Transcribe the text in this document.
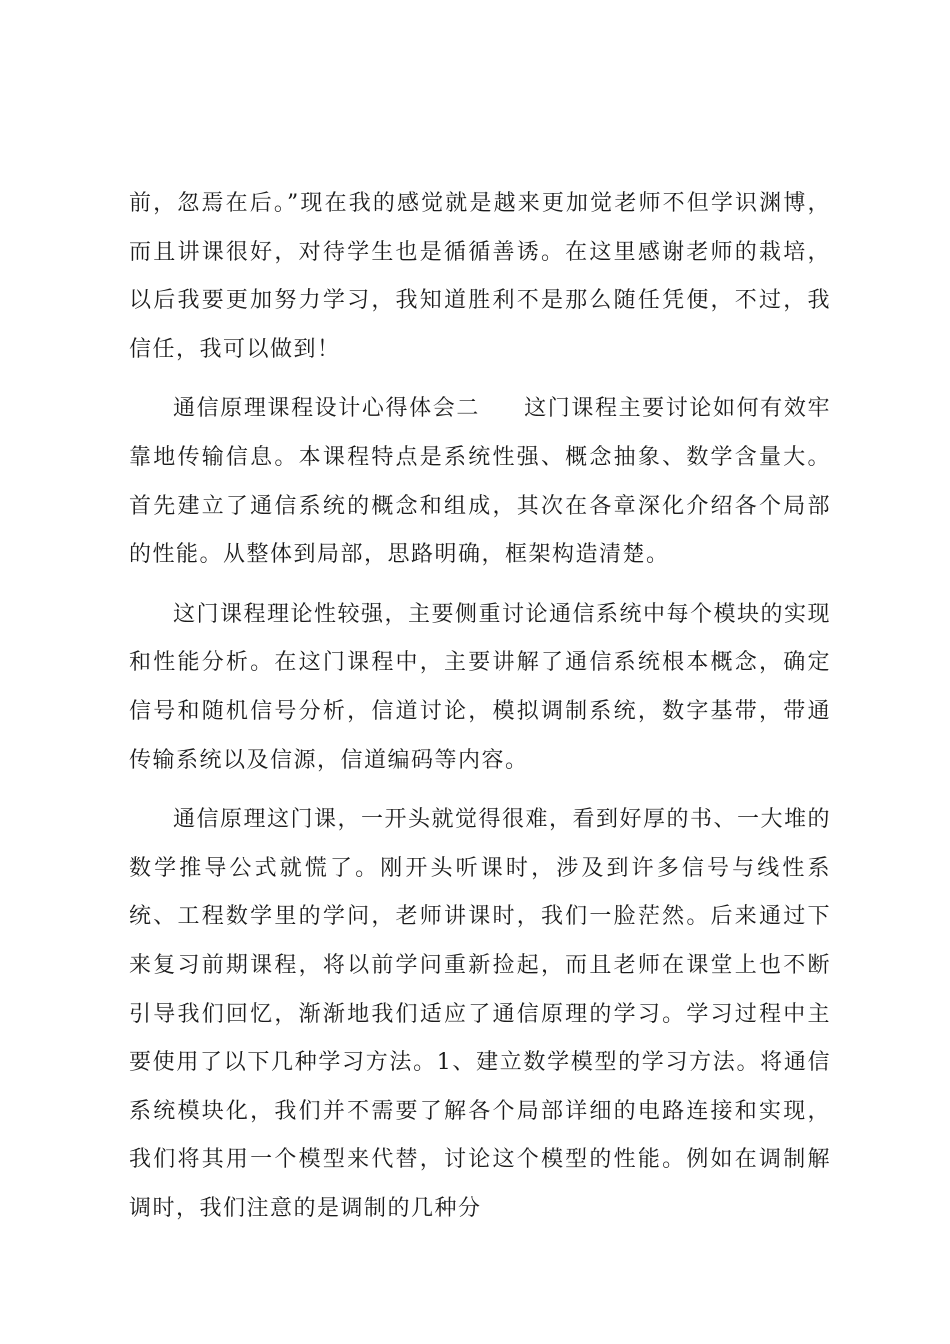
前，忽焉在后。”现在我的感觉就是越来更加觉老师不但学识渊博，而且讲课很好，对待学生也是循循善诱。在这里感谢老师的栽培，以后我要更加努力学习，我知道胜利不是那么随任凭便，不过，我信任，我可以做到！

通信原理课程设计心得体会二 这门课程主要讨论如何有效牢靠地传输信息。本课程特点是系统性强、概念抽象、数学含量大。首先建立了通信系统的概念和组成，其次在各章深化介绍各个局部的性能。从整体到局部，思路明确，框架构造清楚。

这门课程理论性较强，主要侧重讨论通信系统中每个模块的实现和性能分析。在这门课程中，主要讲解了通信系统根本概念，确定信号和随机信号分析，信道讨论，模拟调制系统，数字基带，带通传输系统以及信源，信道编码等内容。

通信原理这门课，一开头就觉得很难，看到好厚的书、一大堆的数学推导公式就慌了。刚开头听课时，涉及到许多信号与线性系统、工程数学里的学问，老师讲课时，我们一脸茫然。后来通过下来复习前期课程，将以前学问重新捡起，而且老师在课堂上也不断引导我们回忆，渐渐地我们适应了通信原理的学习。学习过程中主要使用了以下几种学习方法。1、建立数学模型的学习方法。将通信系统模块化，我们并不需要了解各个局部详细的电路连接和实现，我们将其用一个模型来代替，讨论这个模型的性能。例如在调制解调时，我们注意的是调制的几种分
